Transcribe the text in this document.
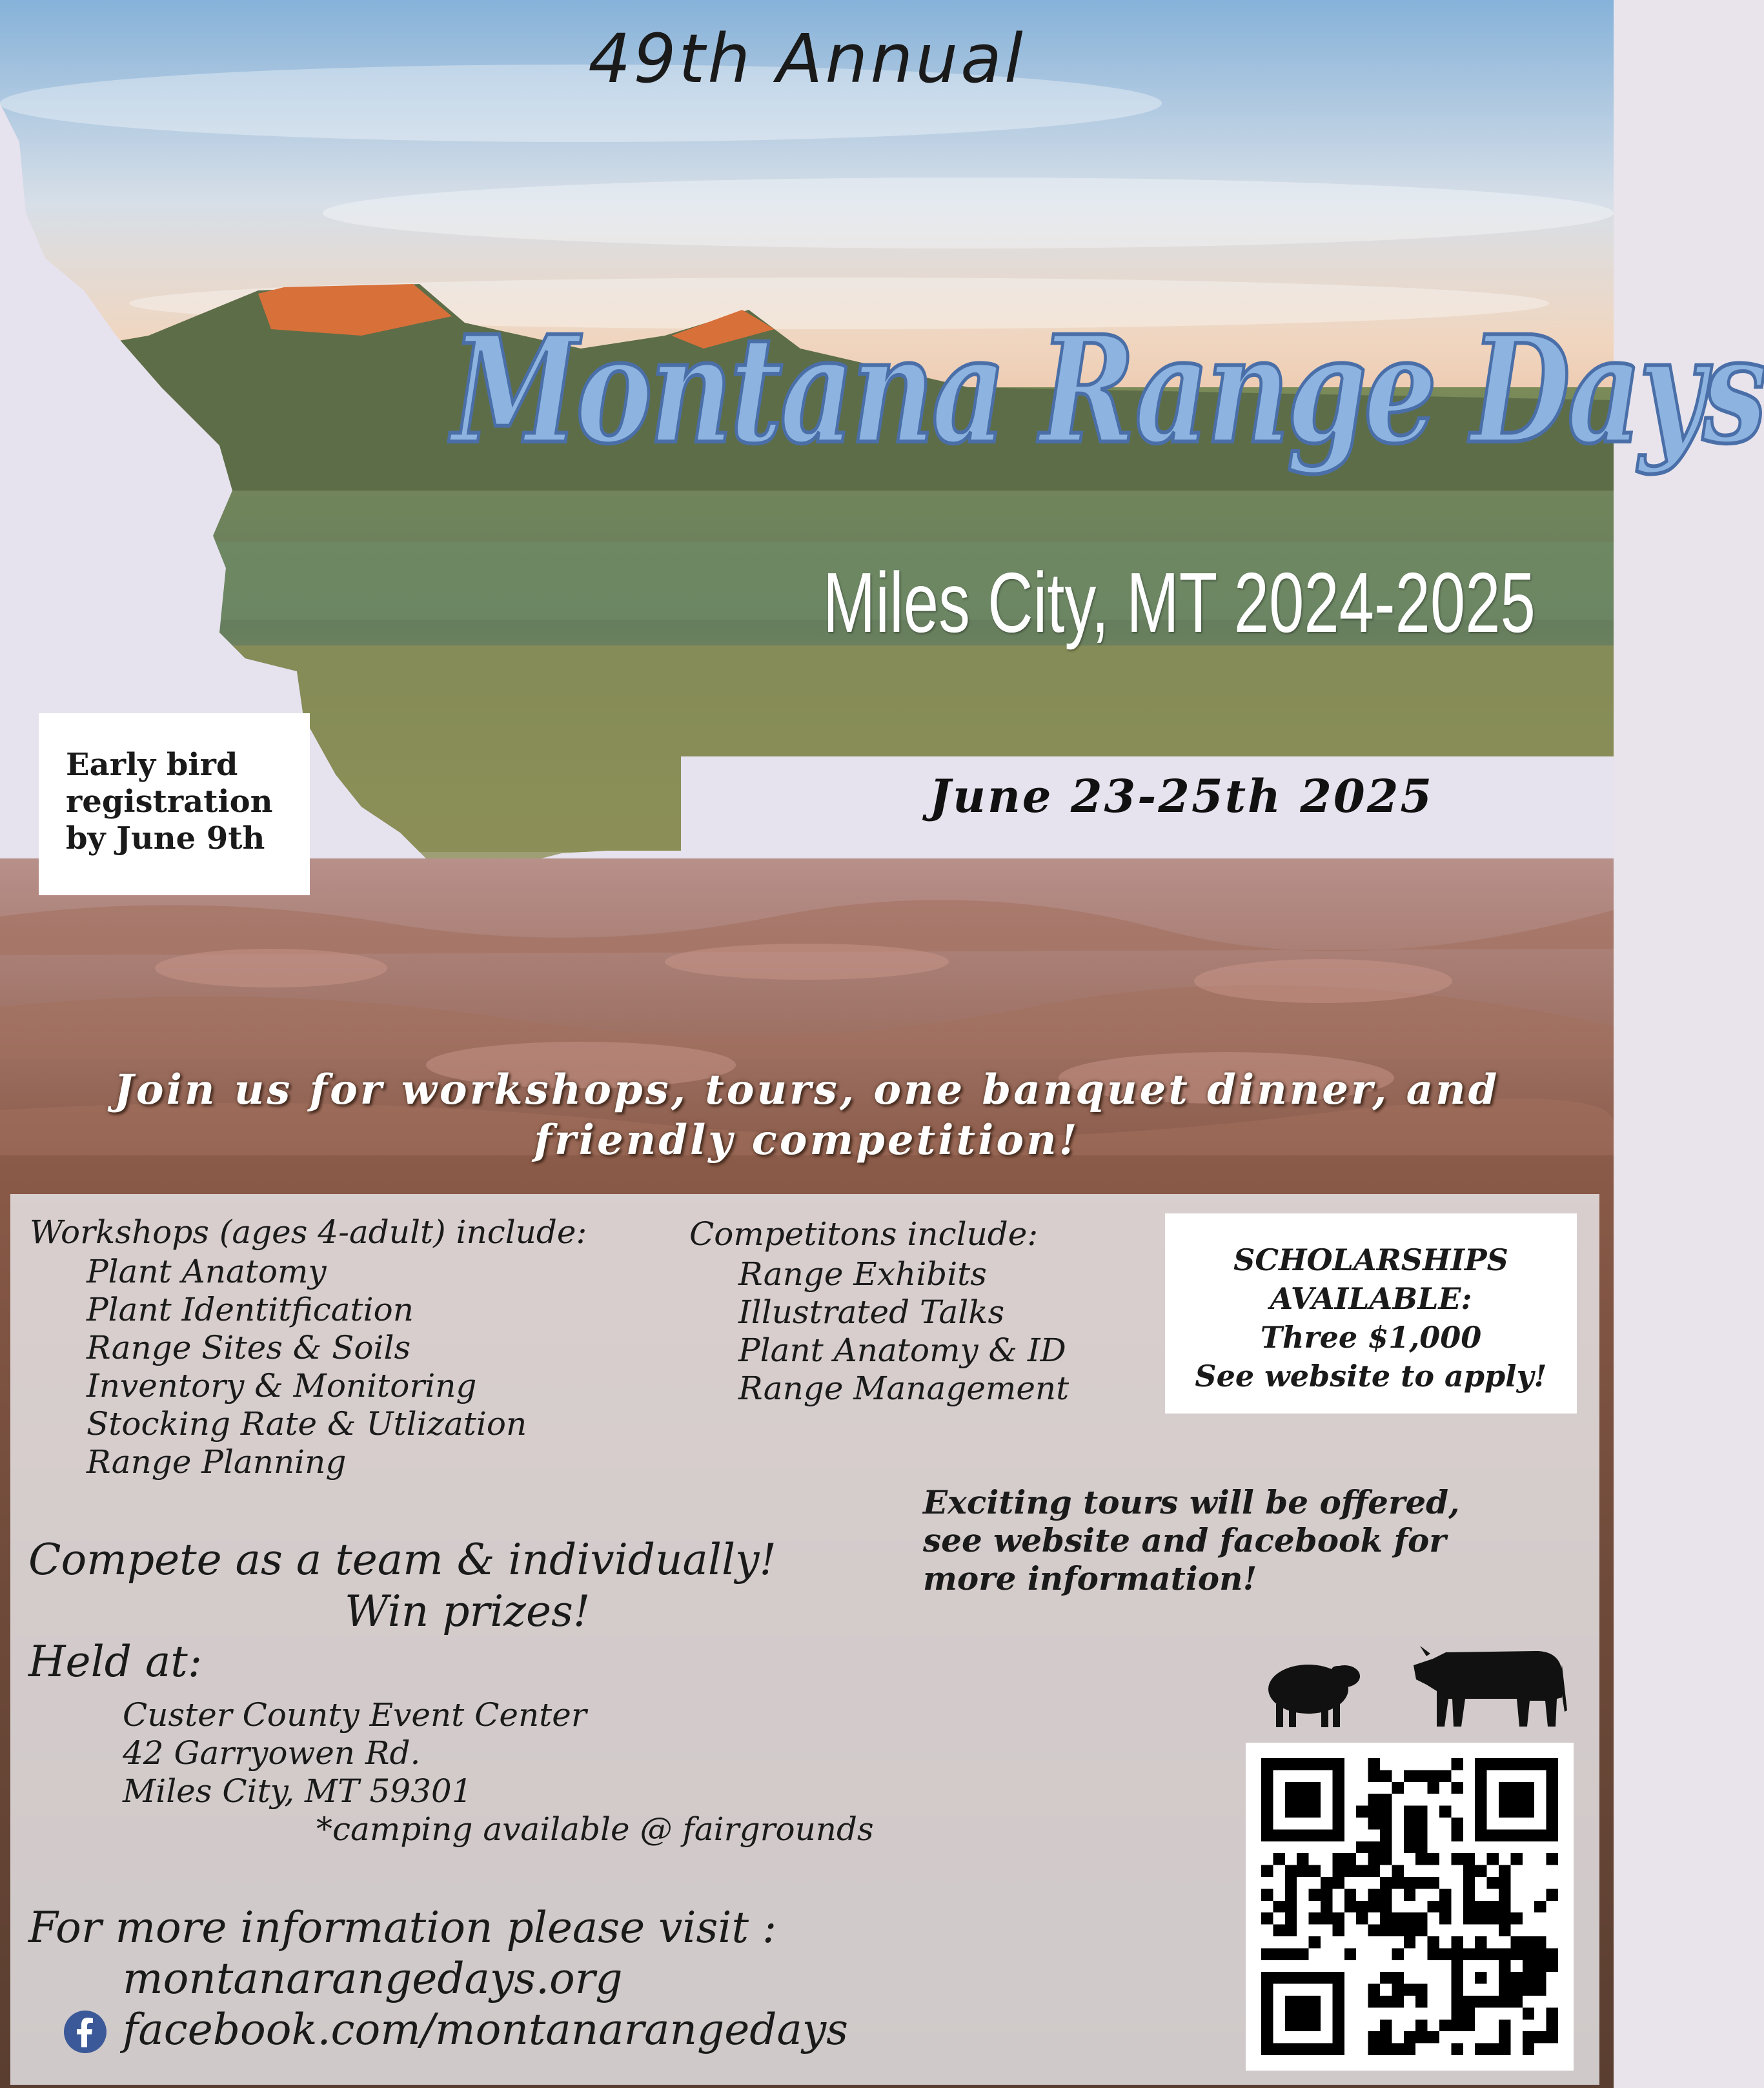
49th Annual
Montana Range Days
Miles City, MT 2024-2025
Early bird
registration
by June 9th
June 23-25th 2025
Join us for workshops, tours, one banquet dinner, and
friendly competition!
Workshops (ages 4-adult) include:
Plant Anatomy
Plant Identitfication
Range Sites & Soils
Inventory & Monitoring
Stocking Rate & Utlization
Range Planning
Competitons include:
Range Exhibits
Illustrated Talks
Plant Anatomy & ID
Range Management
SCHOLARSHIPS
AVAILABLE:
Three $1,000
See website to apply!
Exciting tours will be offered,
see website and facebook for
more information!
Compete as a team & individually!
Win prizes!
Held at:
Custer County Event Center
42 Garryowen Rd.
Miles City, MT 59301
*camping available @ fairgrounds
For more information please visit :
montanarangedays.org
facebook.com/montanarangedays
